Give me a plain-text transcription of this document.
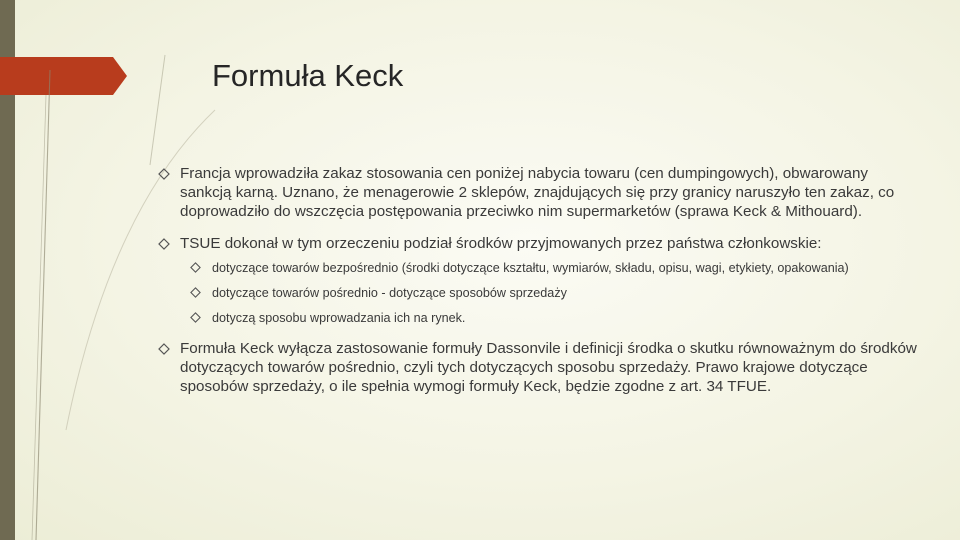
Formuła Keck
Francja wprowadziła zakaz stosowania cen poniżej nabycia towaru (cen dumpingowych), obwarowany sankcją karną. Uznano, że menagerowie 2 sklepów, znajdujących się przy granicy naruszyło ten zakaz, co doprowadziło do wszczęcia postępowania przeciwko nim supermarketów (sprawa Keck & Mithouard).
TSUE dokonał w tym orzeczeniu podział środków przyjmowanych przez państwa członkowskie:
dotyczące towarów bezpośrednio (środki dotyczące kształtu, wymiarów, składu, opisu, wagi, etykiety, opakowania)
dotyczące towarów pośrednio - dotyczące sposobów sprzedaży
dotyczą sposobu wprowadzania ich na rynek.
Formuła Keck wyłącza zastosowanie formuły Dassonvile i definicji środka o skutku równoważnym do środków dotyczących towarów pośrednio, czyli tych dotyczących sposobu sprzedaży. Prawo krajowe dotyczące sposobów sprzedaży, o ile spełnia wymogi formuły Keck, będzie zgodne z art. 34 TFUE.
